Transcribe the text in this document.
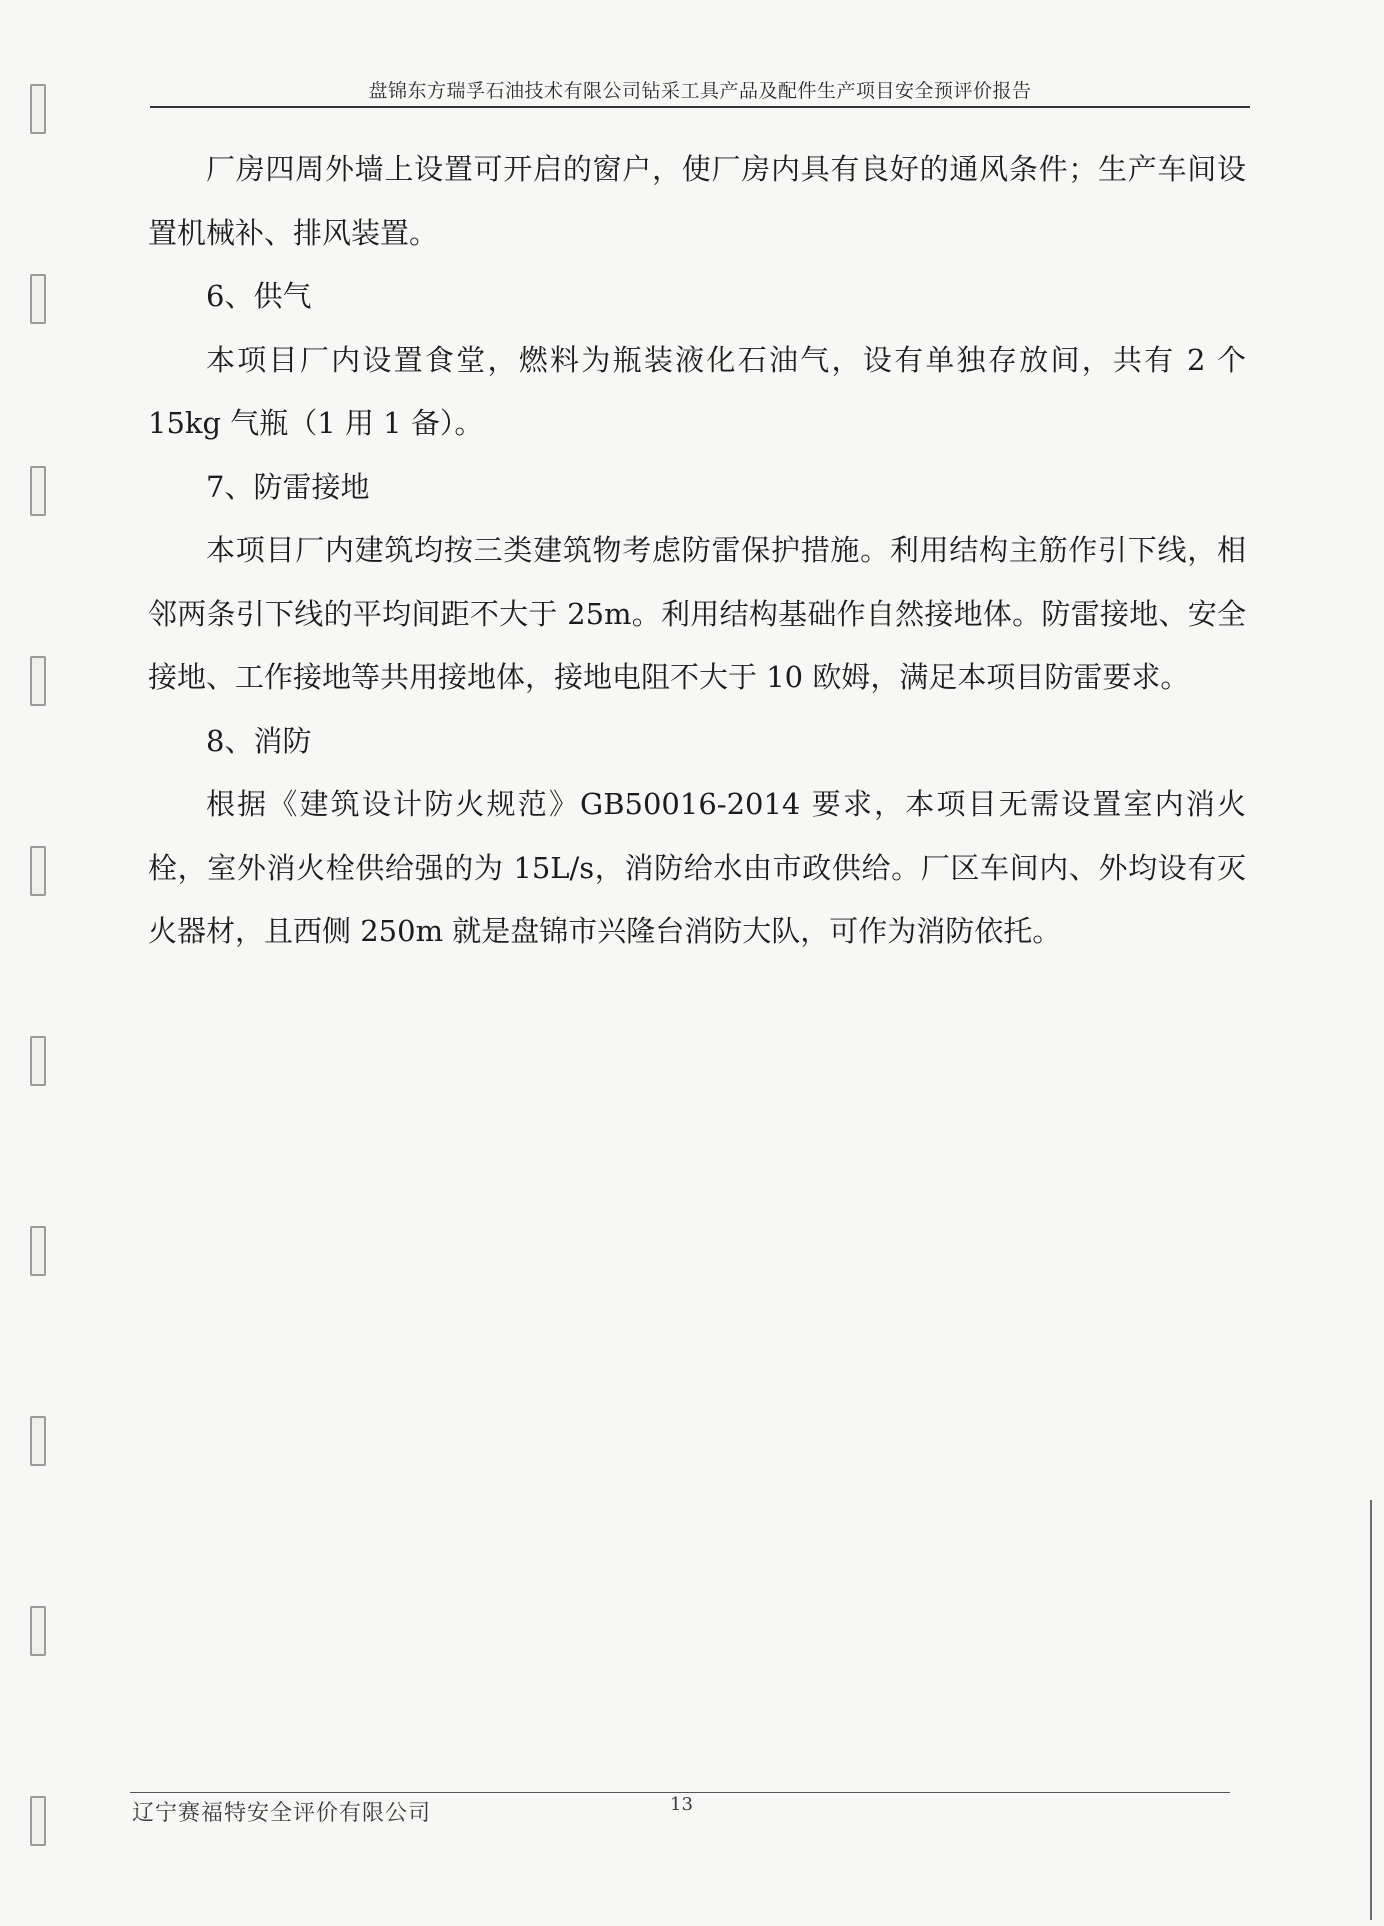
盘锦东方瑞孚石油技术有限公司钻采工具产品及配件生产项目安全预评价报告

厂房四周外墙上设置可开启的窗户，使厂房内具有良好的通风条件；生产车间设置机械补、排风装置。

6、供气

本项目厂内设置食堂，燃料为瓶装液化石油气，设有单独存放间，共有 2 个 15kg 气瓶（1 用 1 备）。

7、防雷接地

本项目厂内建筑均按三类建筑物考虑防雷保护措施。利用结构主筋作引下线，相邻两条引下线的平均间距不大于 25m。利用结构基础作自然接地体。防雷接地、安全接地、工作接地等共用接地体，接地电阻不大于 10 欧姆，满足本项目防雷要求。

8、消防

根据《建筑设计防火规范》GB50016-2014 要求，本项目无需设置室内消火栓，室外消火栓供给强的为 15L/s，消防给水由市政供给。厂区车间内、外均设有灭火器材，且西侧 250m 就是盘锦市兴隆台消防大队，可作为消防依托。

辽宁赛福特安全评价有限公司	13
